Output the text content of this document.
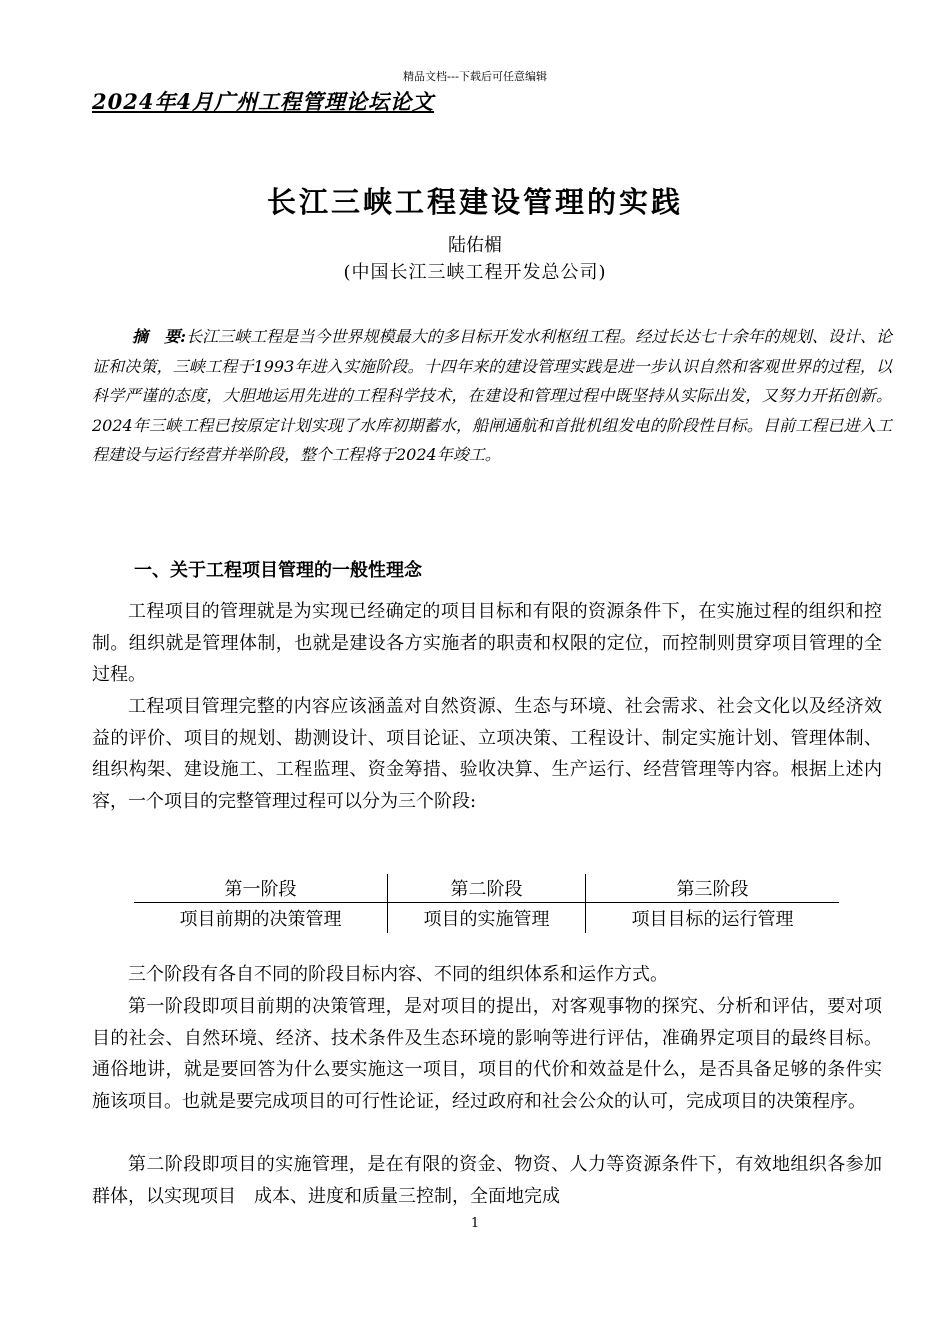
精品文档---下载后可任意编辑
2024年4月广州工程管理论坛论文
长江三峡工程建设管理的实践
陆佑楣
(中国长江三峡工程开发总公司)

摘　要:长江三峡工程是当今世界规模最大的多目标开发水利枢纽工程。经过长达七十余年的规划、设计、论证和决策，三峡工程于1993年进入实施阶段。十四年来的建设管理实践是进一步认识自然和客观世界的过程，以科学严谨的态度，大胆地运用先进的工程科学技术，在建设和管理过程中既坚持从实际出发，又努力开拓创新。2024年三峡工程已按原定计划实现了水库初期蓄水，船闸通航和首批机组发电的阶段性目标。目前工程已进入工程建设与运行经营并举阶段，整个工程将于2024年竣工。

一、关于工程项目管理的一般性理念

工程项目的管理就是为实现已经确定的项目目标和有限的资源条件下，在实施过程的组织和控制。组织就是管理体制，也就是建设各方实施者的职责和权限的定位，而控制则贯穿项目管理的全过程。

工程项目管理完整的内容应该涵盖对自然资源、生态与环境、社会需求、社会文化以及经济效益的评价、项目的规划、勘测设计、项目论证、立项决策、工程设计、制定实施计划、管理体制、组织构架、建设施工、工程监理、资金筹措、验收决算、生产运行、经营管理等内容。根据上述内容，一个项目的完整管理过程可以分为三个阶段:

第一阶段	第二阶段	第三阶段
项目前期的决策管理	项目的实施管理	项目目标的运行管理

三个阶段有各自不同的阶段目标内容、不同的组织体系和运作方式。

第一阶段即项目前期的决策管理，是对项目的提出，对客观事物的探究、分析和评估，要对项目的社会、自然环境、经济、技术条件及生态环境的影响等进行评估，准确界定项目的最终目标。通俗地讲，就是要回答为什么要实施这一项目，项目的代价和效益是什么，是否具备足够的条件实施该项目。也就是要完成项目的可行性论证，经过政府和社会公众的认可，完成项目的决策程序。

第二阶段即项目的实施管理，是在有限的资金、物资、人力等资源条件下，有效地组织各参加群体，以实现项目　成本、进度和质量三控制，全面地完成

1
